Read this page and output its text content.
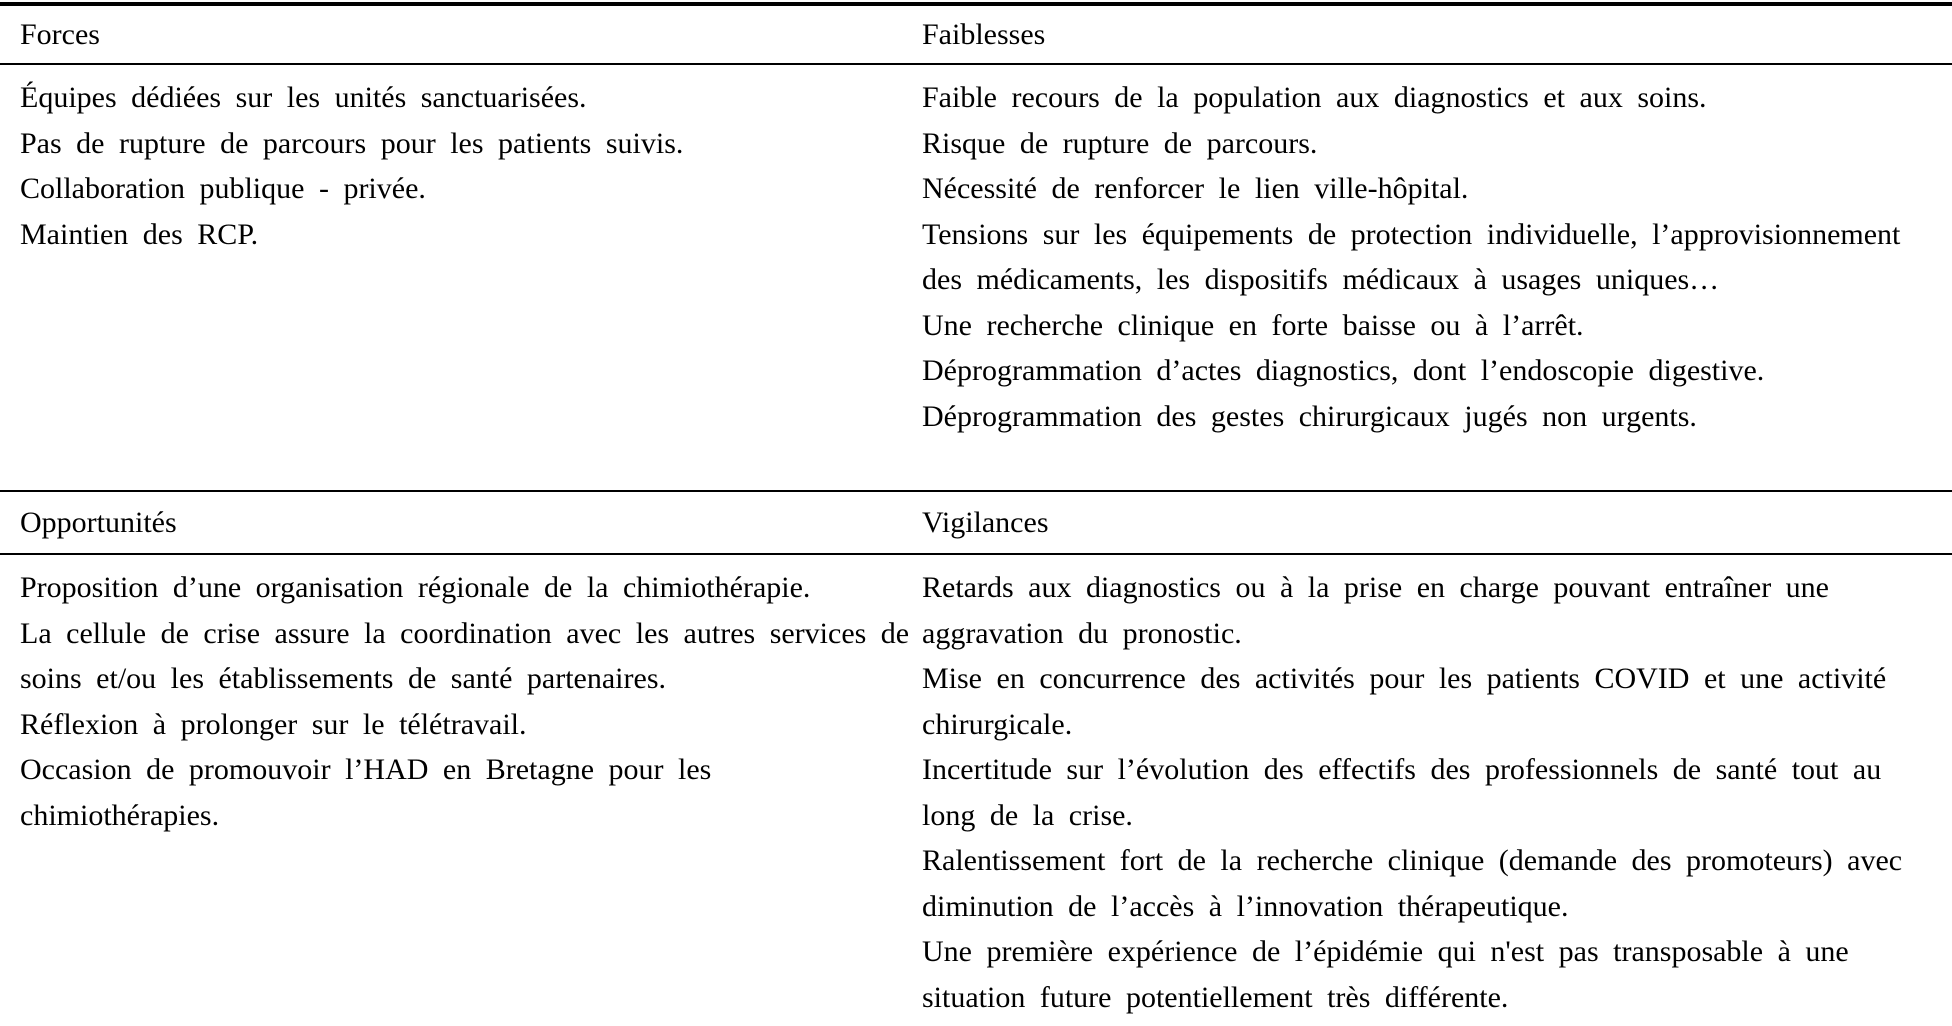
Forces	Faiblesses

Équipes dédiées sur les unités sanctuarisées.

Pas de rupture de parcours pour les patients suivis.

Collaboration publique - privée.

Maintien des RCP.

Faible recours de la population aux diagnostics et aux soins.

Risque de rupture de parcours.

Nécessité de renforcer le lien ville-hôpital.

Tensions sur les équipements de protection individuelle, l’approvisionnement des médicaments, les dispositifs médicaux à usages uniques…

Une recherche clinique en forte baisse ou à l’arrêt.

Déprogrammation d’actes diagnostics, dont l’endoscopie digestive.

Déprogrammation des gestes chirurgicaux jugés non urgents.

Opportunités	Vigilances

Proposition d’une organisation régionale de la chimiothérapie.

La cellule de crise assure la coordination avec les autres services de soins et/ou les établissements de santé partenaires.

Réflexion à prolonger sur le télétravail.

Occasion de promouvoir l’HAD en Bretagne pour les chimiothérapies.

Retards aux diagnostics ou à la prise en charge pouvant entraîner une aggravation du pronostic.

Mise en concurrence des activités pour les patients COVID et une activité chirurgicale.

Incertitude sur l’évolution des effectifs des professionnels de santé tout au long de la crise.

Ralentissement fort de la recherche clinique (demande des promoteurs) avec diminution de l’accès à l’innovation thérapeutique.

Une première expérience de l’épidémie qui n'est pas transposable à une situation future potentiellement très différente.
